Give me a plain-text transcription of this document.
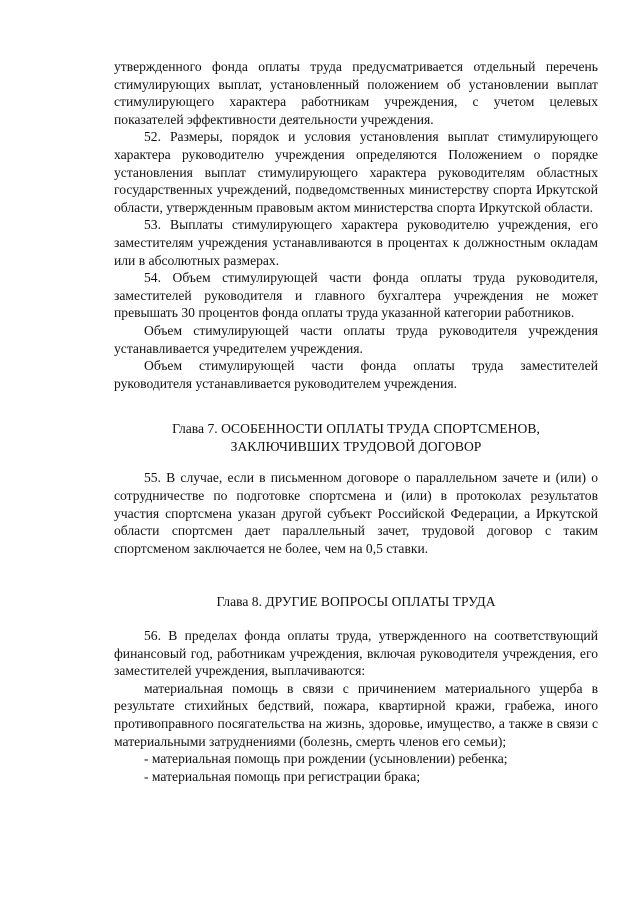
утвержденного фонда оплаты труда предусматривается отдельный перечень стимулирующих выплат, установленный положением об установлении выплат стимулирующего характера работникам учреждения, с учетом целевых показателей эффективности деятельности учреждения.

52. Размеры, порядок и условия установления выплат стимулирующего характера руководителю учреждения определяются Положением о порядке установления выплат стимулирующего характера руководителям областных государственных учреждений, подведомственных министерству спорта Иркутской области, утвержденным правовым актом министерства спорта Иркутской области.

53. Выплаты стимулирующего характера руководителю учреждения, его заместителям учреждения устанавливаются в процентах к должностным окладам или в абсолютных размерах.

54. Объем стимулирующей части фонда оплаты труда руководителя, заместителей руководителя и главного бухгалтера учреждения не может превышать 30 процентов фонда оплаты труда указанной категории работников.

Объем стимулирующей части оплаты труда руководителя учреждения устанавливается учредителем учреждения.

Объем стимулирующей части фонда оплаты труда заместителей руководителя устанавливается руководителем учреждения.

Глава 7. ОСОБЕННОСТИ ОПЛАТЫ ТРУДА СПОРТСМЕНОВ,

ЗАКЛЮЧИВШИХ ТРУДОВОЙ ДОГОВОР

55. В случае, если в письменном договоре о параллельном зачете и (или) о сотрудничестве по подготовке спортсмена и (или) в протоколах результатов участия спортсмена указан другой субъект Российской Федерации, а Иркутской области спортсмен дает параллельный зачет, трудовой договор с таким спортсменом заключается не более, чем на 0,5 ставки.

Глава 8. ДРУГИЕ ВОПРОСЫ ОПЛАТЫ ТРУДА

56. В пределах фонда оплаты труда, утвержденного на соответствующий финансовый год, работникам учреждения, включая руководителя учреждения, его заместителей учреждения, выплачиваются:

материальная помощь в связи с причинением материального ущерба в результате стихийных бедствий, пожара, квартирной кражи, грабежа, иного противоправного посягательства на жизнь, здоровье, имущество, а также в связи с материальными затруднениями (болезнь, смерть членов его семьи);

- материальная помощь при рождении (усыновлении) ребенка;

- материальная помощь при регистрации брака;
